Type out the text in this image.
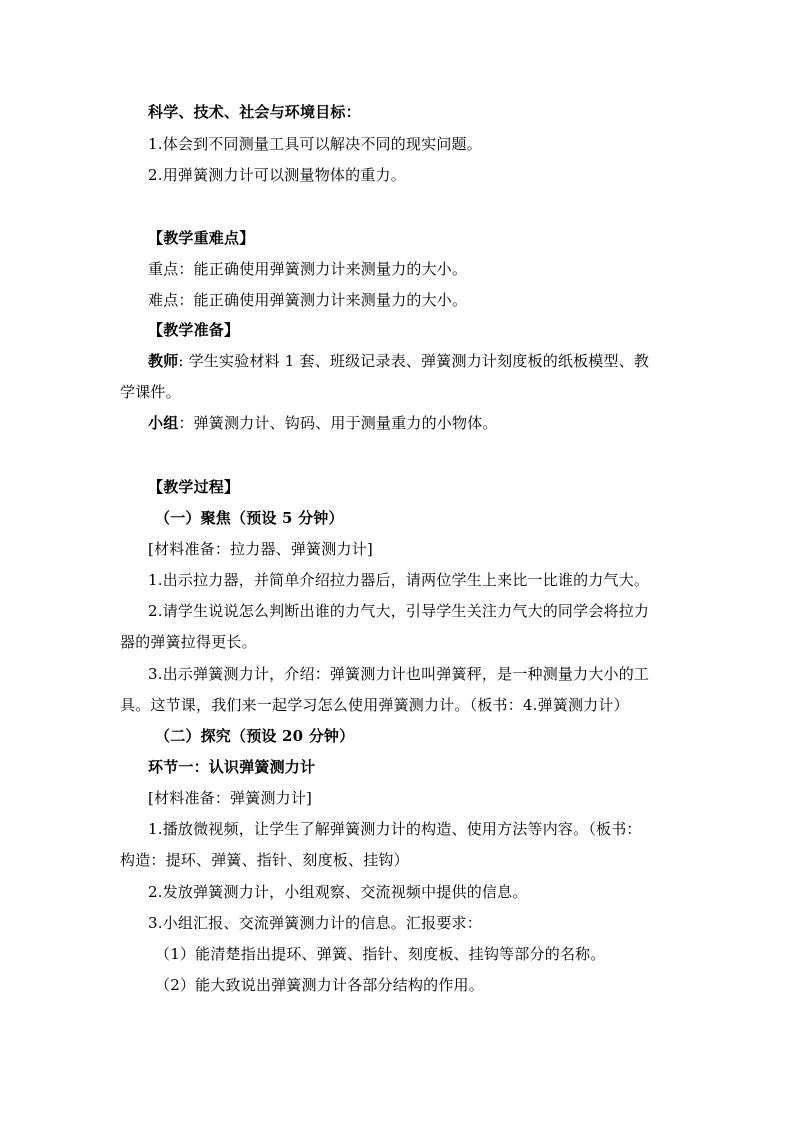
科学、技术、社会与环境目标：
1.体会到不同测量工具可以解决不同的现实问题。
2.用弹簧测力计可以测量物体的重力。
【教学重难点】
重点：能正确使用弹簧测力计来测量力的大小。
难点：能正确使用弹簧测力计来测量力的大小。
【教学准备】
教师: 学生实验材料 1 套、班级记录表、弹簧测力计刻度板的纸板模型、教
学课件。
小组：弹簧测力计、钩码、用于测量重力的小物体。
【教学过程】
（一）聚焦（预设 5 分钟）
[材料准备：拉力器、弹簧测力计]
1.出示拉力器，并简单介绍拉力器后，请两位学生上来比一比谁的力气大。
2.请学生说说怎么判断出谁的力气大，引导学生关注力气大的同学会将拉力
器的弹簧拉得更长。
3.出示弹簧测力计，介绍：弹簧测力计也叫弹簧秤，是一种测量力大小的工
具。这节课，我们来一起学习怎么使用弹簧测力计。（板书：4.弹簧测力计）
（二）探究（预设 20 分钟）
环节一：认识弹簧测力计
[材料准备：弹簧测力计]
1.播放微视频，让学生了解弹簧测力计的构造、使用方法等内容。（板书：
构造：提环、弹簧、指针、刻度板、挂钩）
2.发放弹簧测力计，小组观察、交流视频中提供的信息。
3.小组汇报、交流弹簧测力计的信息。汇报要求：
（1）能清楚指出提环、弹簧、指针、刻度板、挂钩等部分的名称。
（2）能大致说出弹簧测力计各部分结构的作用。
